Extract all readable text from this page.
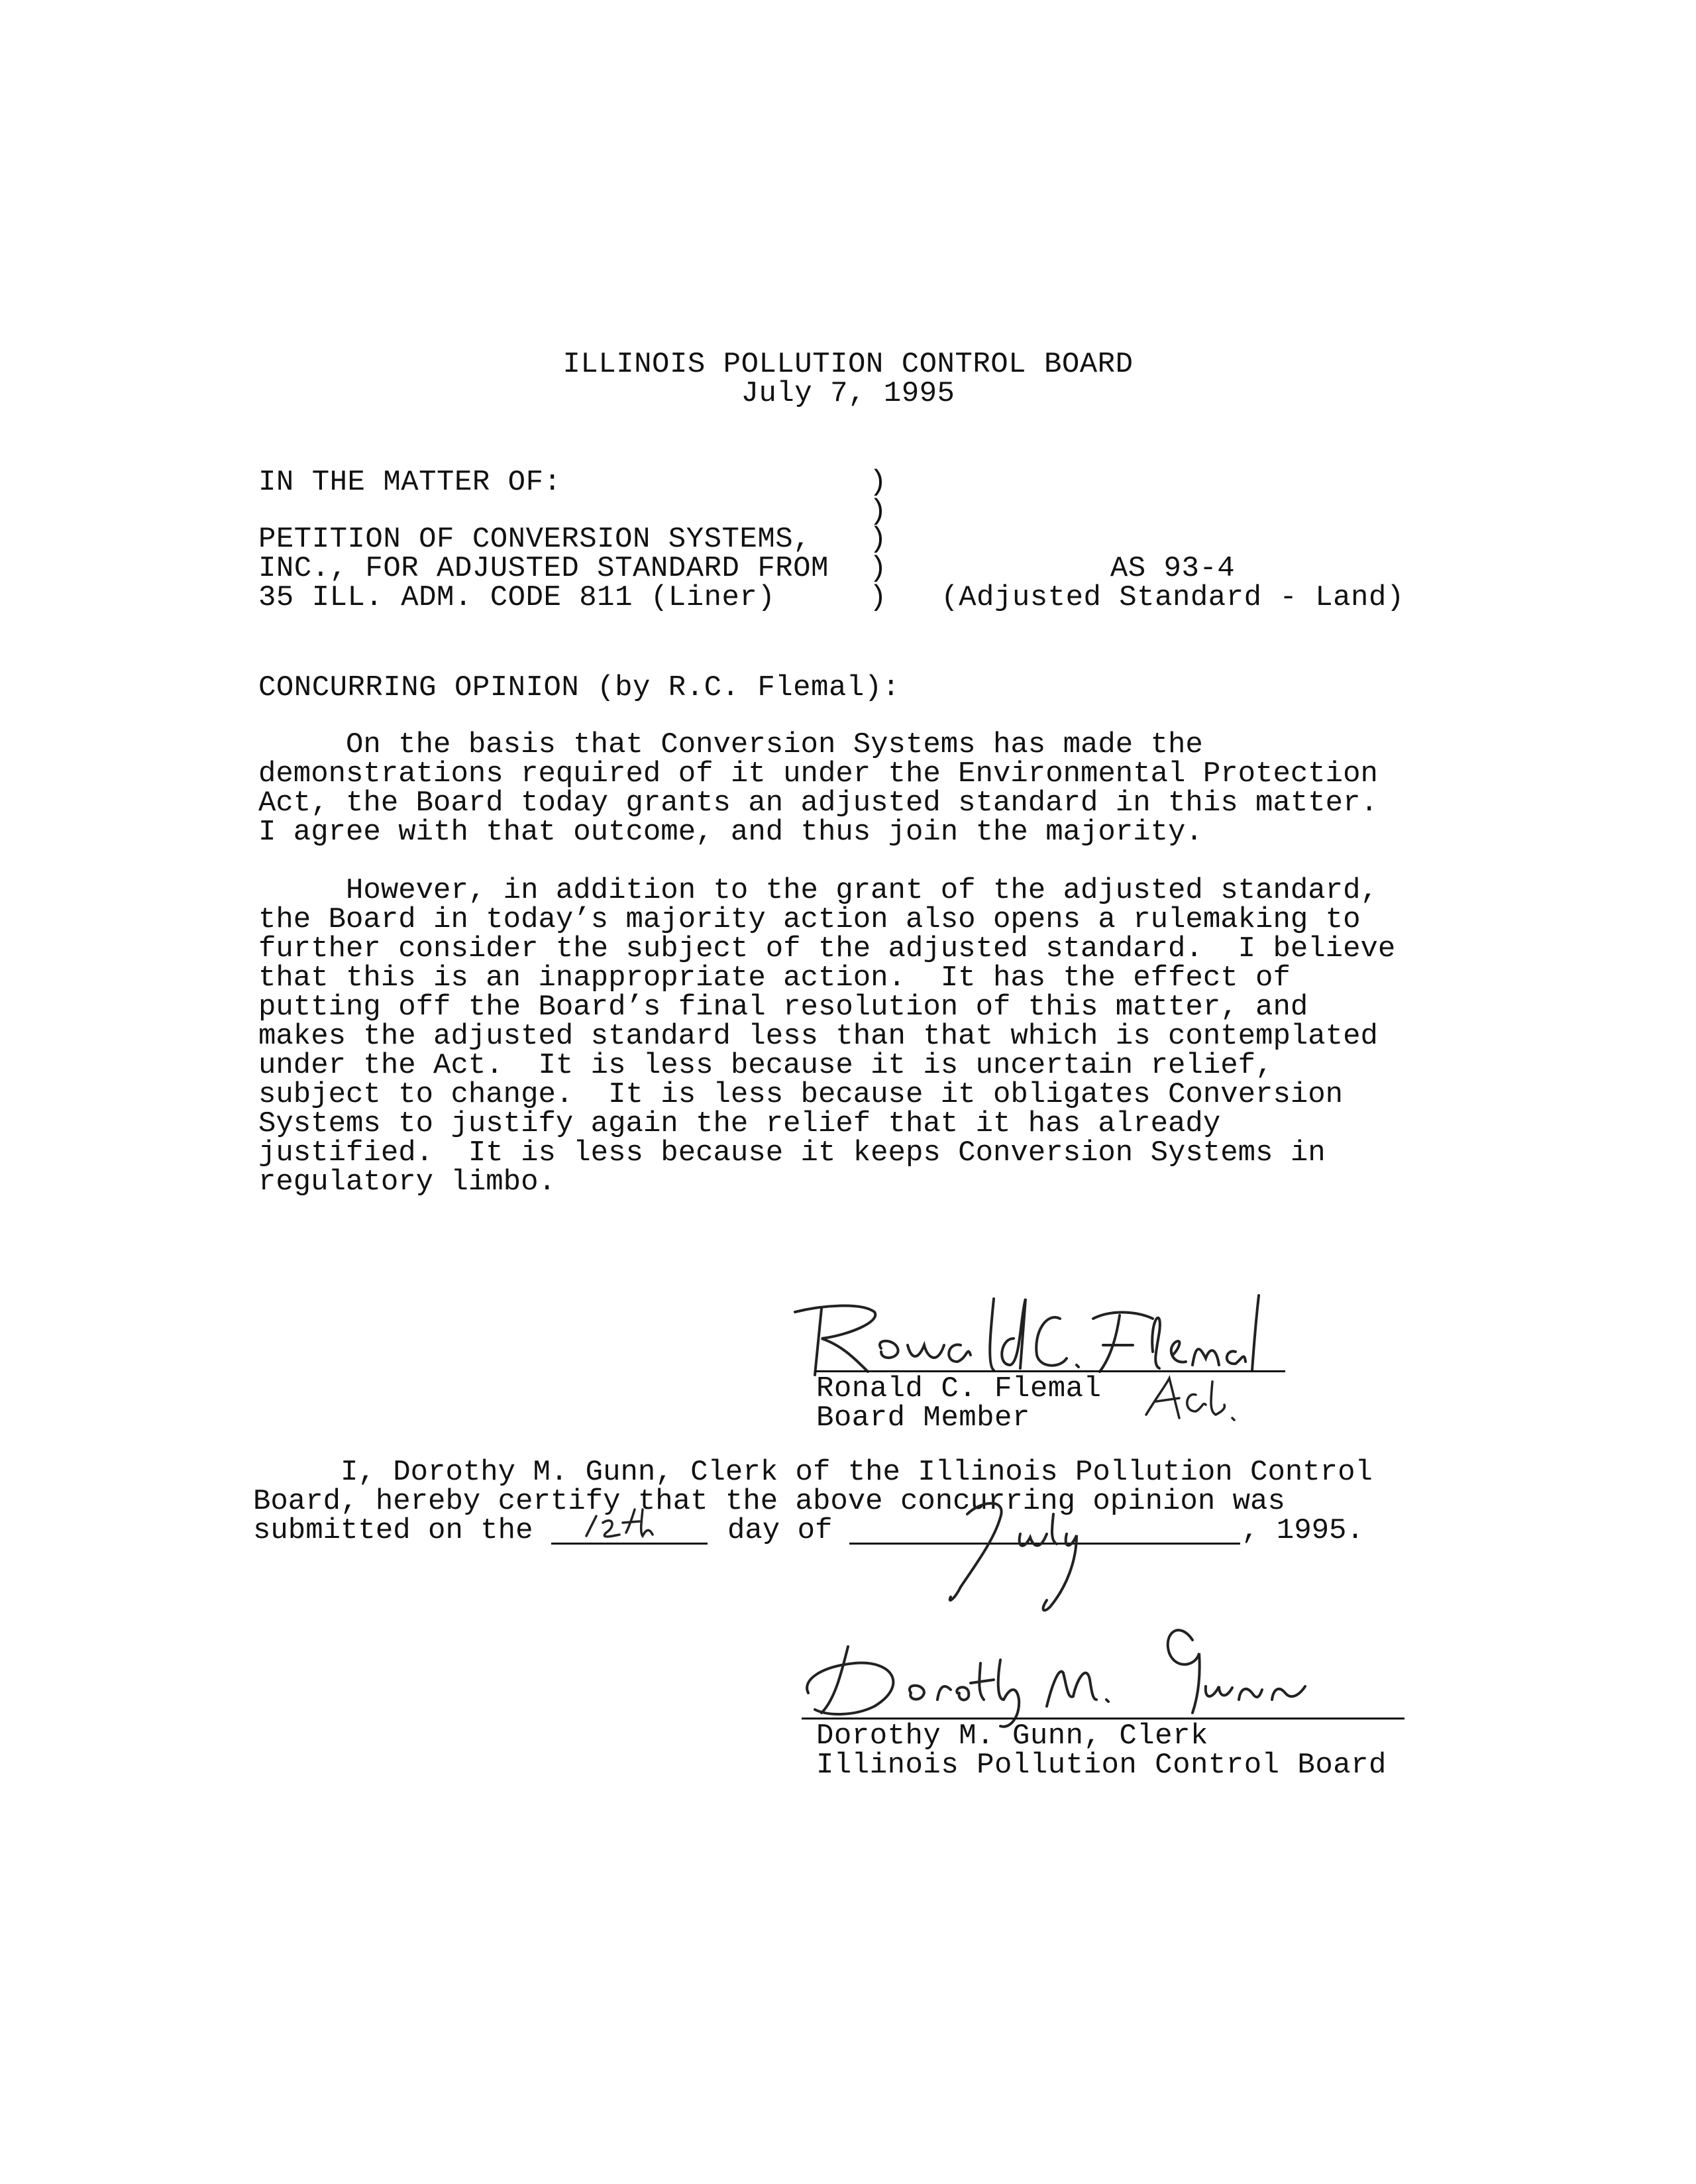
ILLINOIS POLLUTION CONTROL BOARD
July 7, 1995
IN THE MATTER OF:
PETITION OF CONVERSION SYSTEMS,
INC., FOR ADJUSTED STANDARD FROM
35 ILL. ADM. CODE 811 (Liner)
)
)
)
)
)
AS 93-4
(Adjusted Standard - Land)
CONCURRING OPINION (by R.C. Flemal):
On the basis that Conversion Systems has made the
demonstrations required of it under the Environmental Protection
Act, the Board today grants an adjusted standard in this matter.
I agree with that outcome, and thus join the majority.
However, in addition to the grant of the adjusted standard,
the Board in today’s majority action also opens a rulemaking to
further consider the subject of the adjusted standard.  I believe
that this is an inappropriate action.  It has the effect of
putting off the Board’s final resolution of this matter, and
makes the adjusted standard less than that which is contemplated
under the Act.  It is less because it is uncertain relief,
subject to change.  It is less because it obligates Conversion
Systems to justify again the relief that it has already
justified.  It is less because it keeps Conversion Systems in
regulatory limbo.
Ronald C. Flemal
Board Member
I, Dorothy M. Gunn, Clerk of the Illinois Pollution Control
Board, hereby certify that the above concurring opinion was
submitted on the	day of	, 1995.
Dorothy M. Gunn, Clerk
Illinois Pollution Control Board
